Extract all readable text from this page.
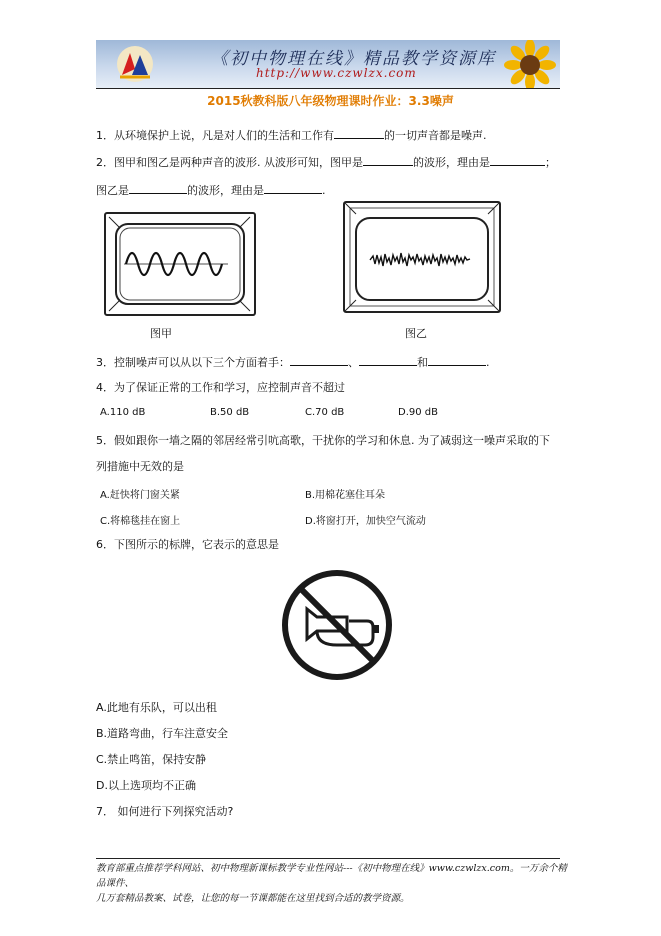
《初中物理在线》精品教学资源库
http://www.czwlzx.com
2015秋教科版八年级物理课时作业：3.3噪声
1．从环境保护上说，凡是对人们的生活和工作有	的一切声音都是噪声.
2．图甲和图乙是两种声音的波形. 从波形可知，图甲是	的波形，理由是	；
图乙是	的波形，理由是	.
图甲	图乙
3．控制噪声可以从以下三个方面着手：	、	和	.
4．为了保证正常的工作和学习，应控制声音不超过
A.110 dB	B.50 dB	C.70 dB	D.90 dB
5．假如跟你一墙之隔的邻居经常引吭高歌，干扰你的学习和休息. 为了减弱这一噪声采取的下
列措施中无效的是
A.赶快将门窗关紧	B.用棉花塞住耳朵
C.将棉毯挂在窗上	D.将窗打开，加快空气流动
6．下图所示的标牌，它表示的意思是
A.此地有乐队，可以出租
B.道路弯曲，行车注意安全
C.禁止鸣笛，保持安静
D.以上选项均不正确
7． 如何进行下列探究活动?
教育部重点推荐学科网站、初中物理新课标教学专业性网站---《初中物理在线》www.czwlzx.com。一万余个精品课件、
几万套精品教案、试卷，让您的每一节课都能在这里找到合适的教学资源。
